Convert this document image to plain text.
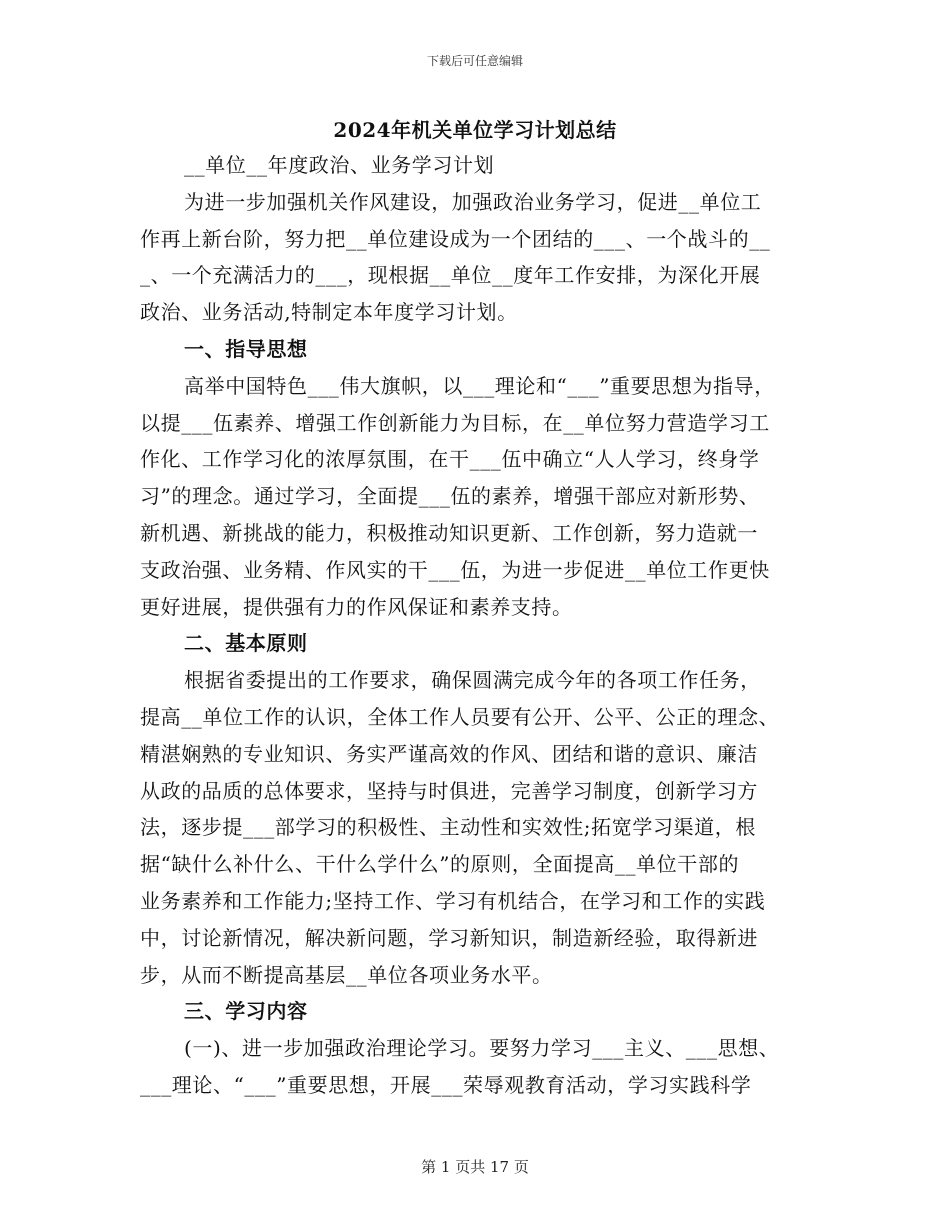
下载后可任意编辑
2024年机关单位学习计划总结
__单位__年度政治、业务学习计划
为进一步加强机关作风建设，加强政治业务学习，促进__单位工
作再上新台阶，努力把__单位建设成为一个团结的___、一个战斗的__
_、一个充满活力的___，现根据__单位__度年工作安排，为深化开展
政治、业务活动,特制定本年度学习计划。
一、指导思想
高举中国特色___伟大旗帜，以___理论和“___”重要思想为指导，
以提___伍素养、增强工作创新能力为目标，在__单位努力营造学习工
作化、工作学习化的浓厚氛围，在干___伍中确立“人人学习，终身学
习”的理念。通过学习，全面提___伍的素养，增强干部应对新形势、
新机遇、新挑战的能力，积极推动知识更新、工作创新，努力造就一
支政治强、业务精、作风实的干___伍，为进一步促进__单位工作更快
更好进展，提供强有力的作风保证和素养支持。
二、基本原则
根据省委提出的工作要求，确保圆满完成今年的各项工作任务，
提高__单位工作的认识，全体工作人员要有公开、公平、公正的理念、
精湛娴熟的专业知识、务实严谨高效的作风、团结和谐的意识、廉洁
从政的品质的总体要求，坚持与时俱进，完善学习制度，创新学习方
法，逐步提___部学习的积极性、主动性和实效性;拓宽学习渠道，根
据“缺什么补什么、干什么学什么”的原则，全面提高__单位干部的
业务素养和工作能力;坚持工作、学习有机结合，在学习和工作的实践
中，讨论新情况，解决新问题，学习新知识，制造新经验，取得新进
步，从而不断提高基层__单位各项业务水平。
三、学习内容
(一)、进一步加强政治理论学习。要努力学习___主义、___思想、
___理论、“___”重要思想，开展___荣辱观教育活动，学习实践科学
第 1 页共 17 页
